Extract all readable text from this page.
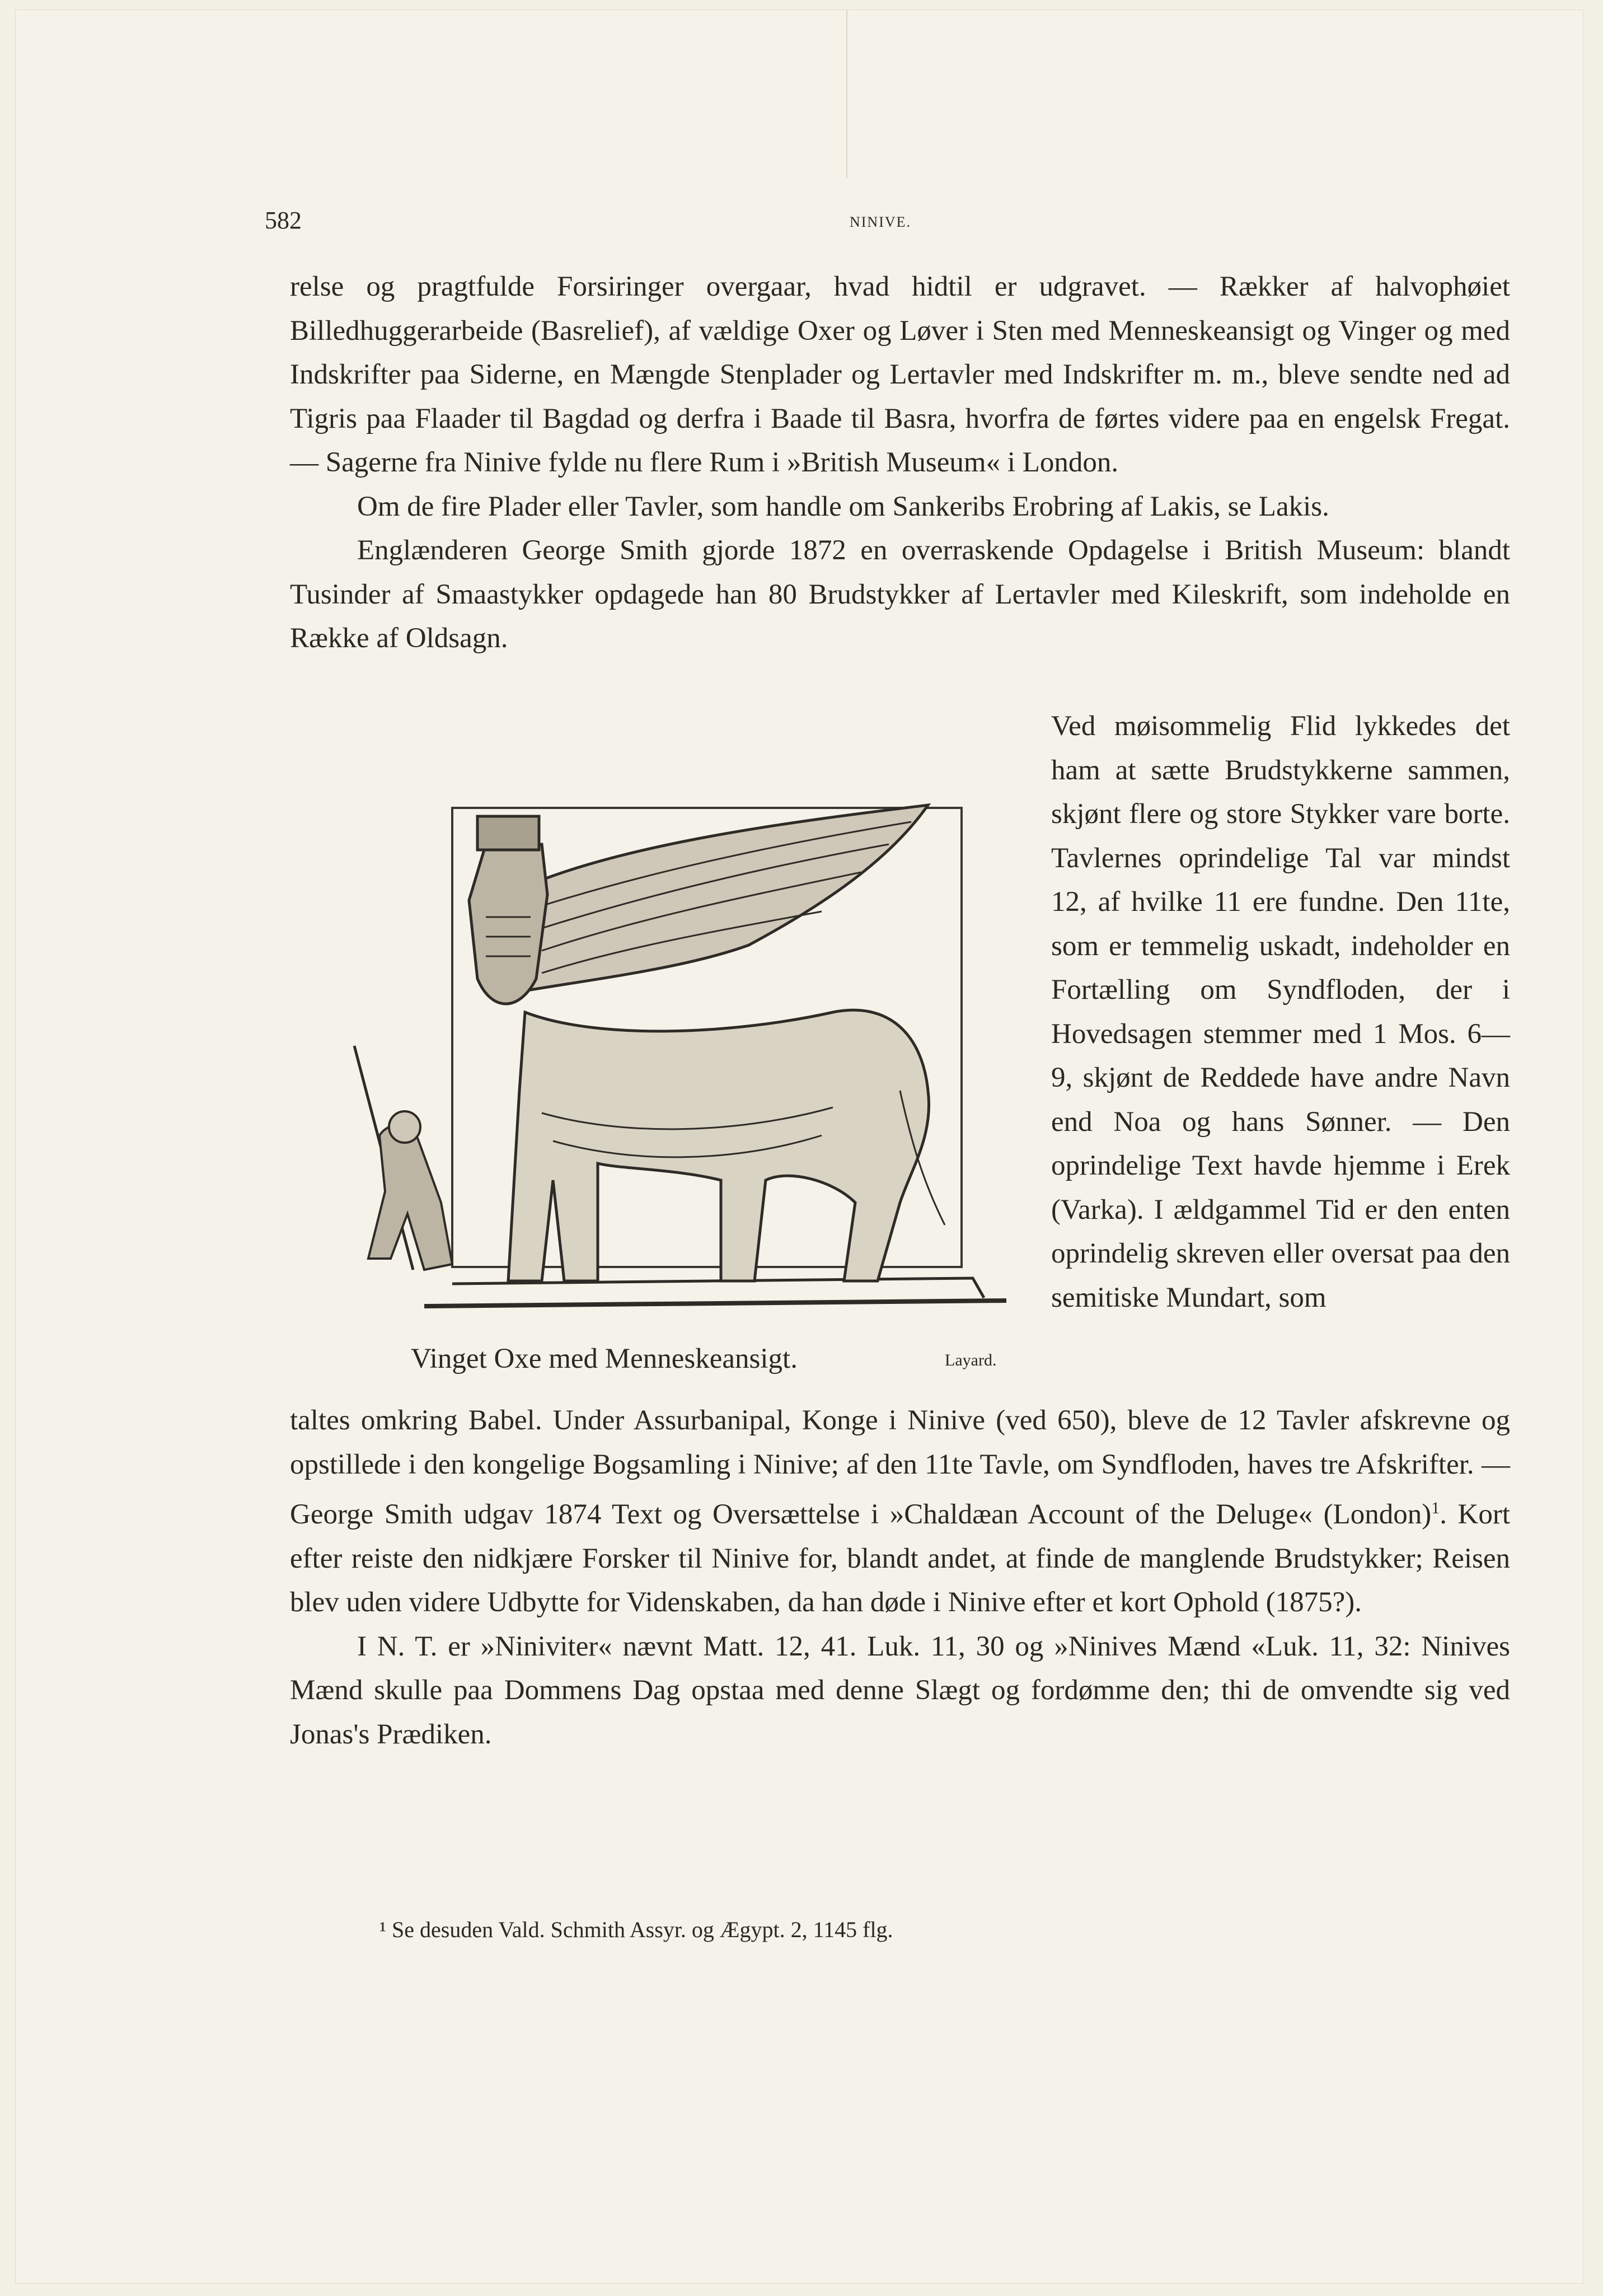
582	NINIVE.

relse og pragtfulde Forsiringer overgaar, hvad hidtil er udgravet. — Rækker af halvophøiet Billedhuggerarbeide (Basrelief), af vældige Oxer og Løver i Sten med Menneskeansigt og Vinger og med Indskrifter paa Siderne, en Mængde Stenplader og Lertavler med Indskrifter m. m., bleve sendte ned ad Tigris paa Flaader til Bagdad og derfra i Baade til Basra, hvorfra de førtes videre paa en engelsk Fregat. — Sagerne fra Ninive fylde nu flere Rum i »British Museum« i London.

Om de fire Plader eller Tavler, som handle om Sankeribs Erobring af Lakis, se Lakis.

Englænderen George Smith gjorde 1872 en overraskende Opdagelse i British Museum: blandt Tusinder af Smaastykker opdagede han 80 Brudstykker af Lertavler med Kileskrift, som indeholde en Række af Oldsagn.

Ved møisommelig Flid lykkedes det ham at sætte Brudstykkerne sammen, skjønt flere og store Stykker vare borte. Tavlernes oprindelige Tal var mindst 12, af hvilke 11 ere fundne. Den 11te, som er temmelig uskadt, indeholder en Fortælling om Syndfloden, der i Hovedsagen stemmer med 1 Mos. 6—9, skjønt de Reddede have andre Navn end Noa og hans Sønner. — Den oprindelige Text havde hjemme i Erek (Varka). I ældgammel Tid er den enten oprindelig skreven eller oversat paa den semitiske Mundart, som

Vinget Oxe med Menneskeansigt.	Layard.

taltes omkring Babel. Under Assurbanipal, Konge i Ninive (ved 650), bleve de 12 Tavler afskrevne og opstillede i den kongelige Bogsamling i Ninive; af den 11te Tavle, om Syndfloden, haves tre Afskrifter. — George Smith udgav 1874 Text og Oversættelse i »Chaldæan Account of the Deluge« (London)$^1$. Kort efter reiste den nidkjære Forsker til Ninive for, blandt andet, at finde de manglende Brudstykker; Reisen blev uden videre Udbytte for Videnskaben, da han døde i Ninive efter et kort Ophold (1875?).

I N. T. er »Niniviter« nævnt Matt. 12, 41. Luk. 11, 30 og »Ninives Mænd «Luk. 11, 32: Ninives Mænd skulle paa Dommens Dag opstaa med denne Slægt og fordømme den; thi de omvendte sig ved Jonas's Prædiken.

¹ Se desuden Vald. Schmith Assyr. og Ægypt. 2, 1145 flg.
